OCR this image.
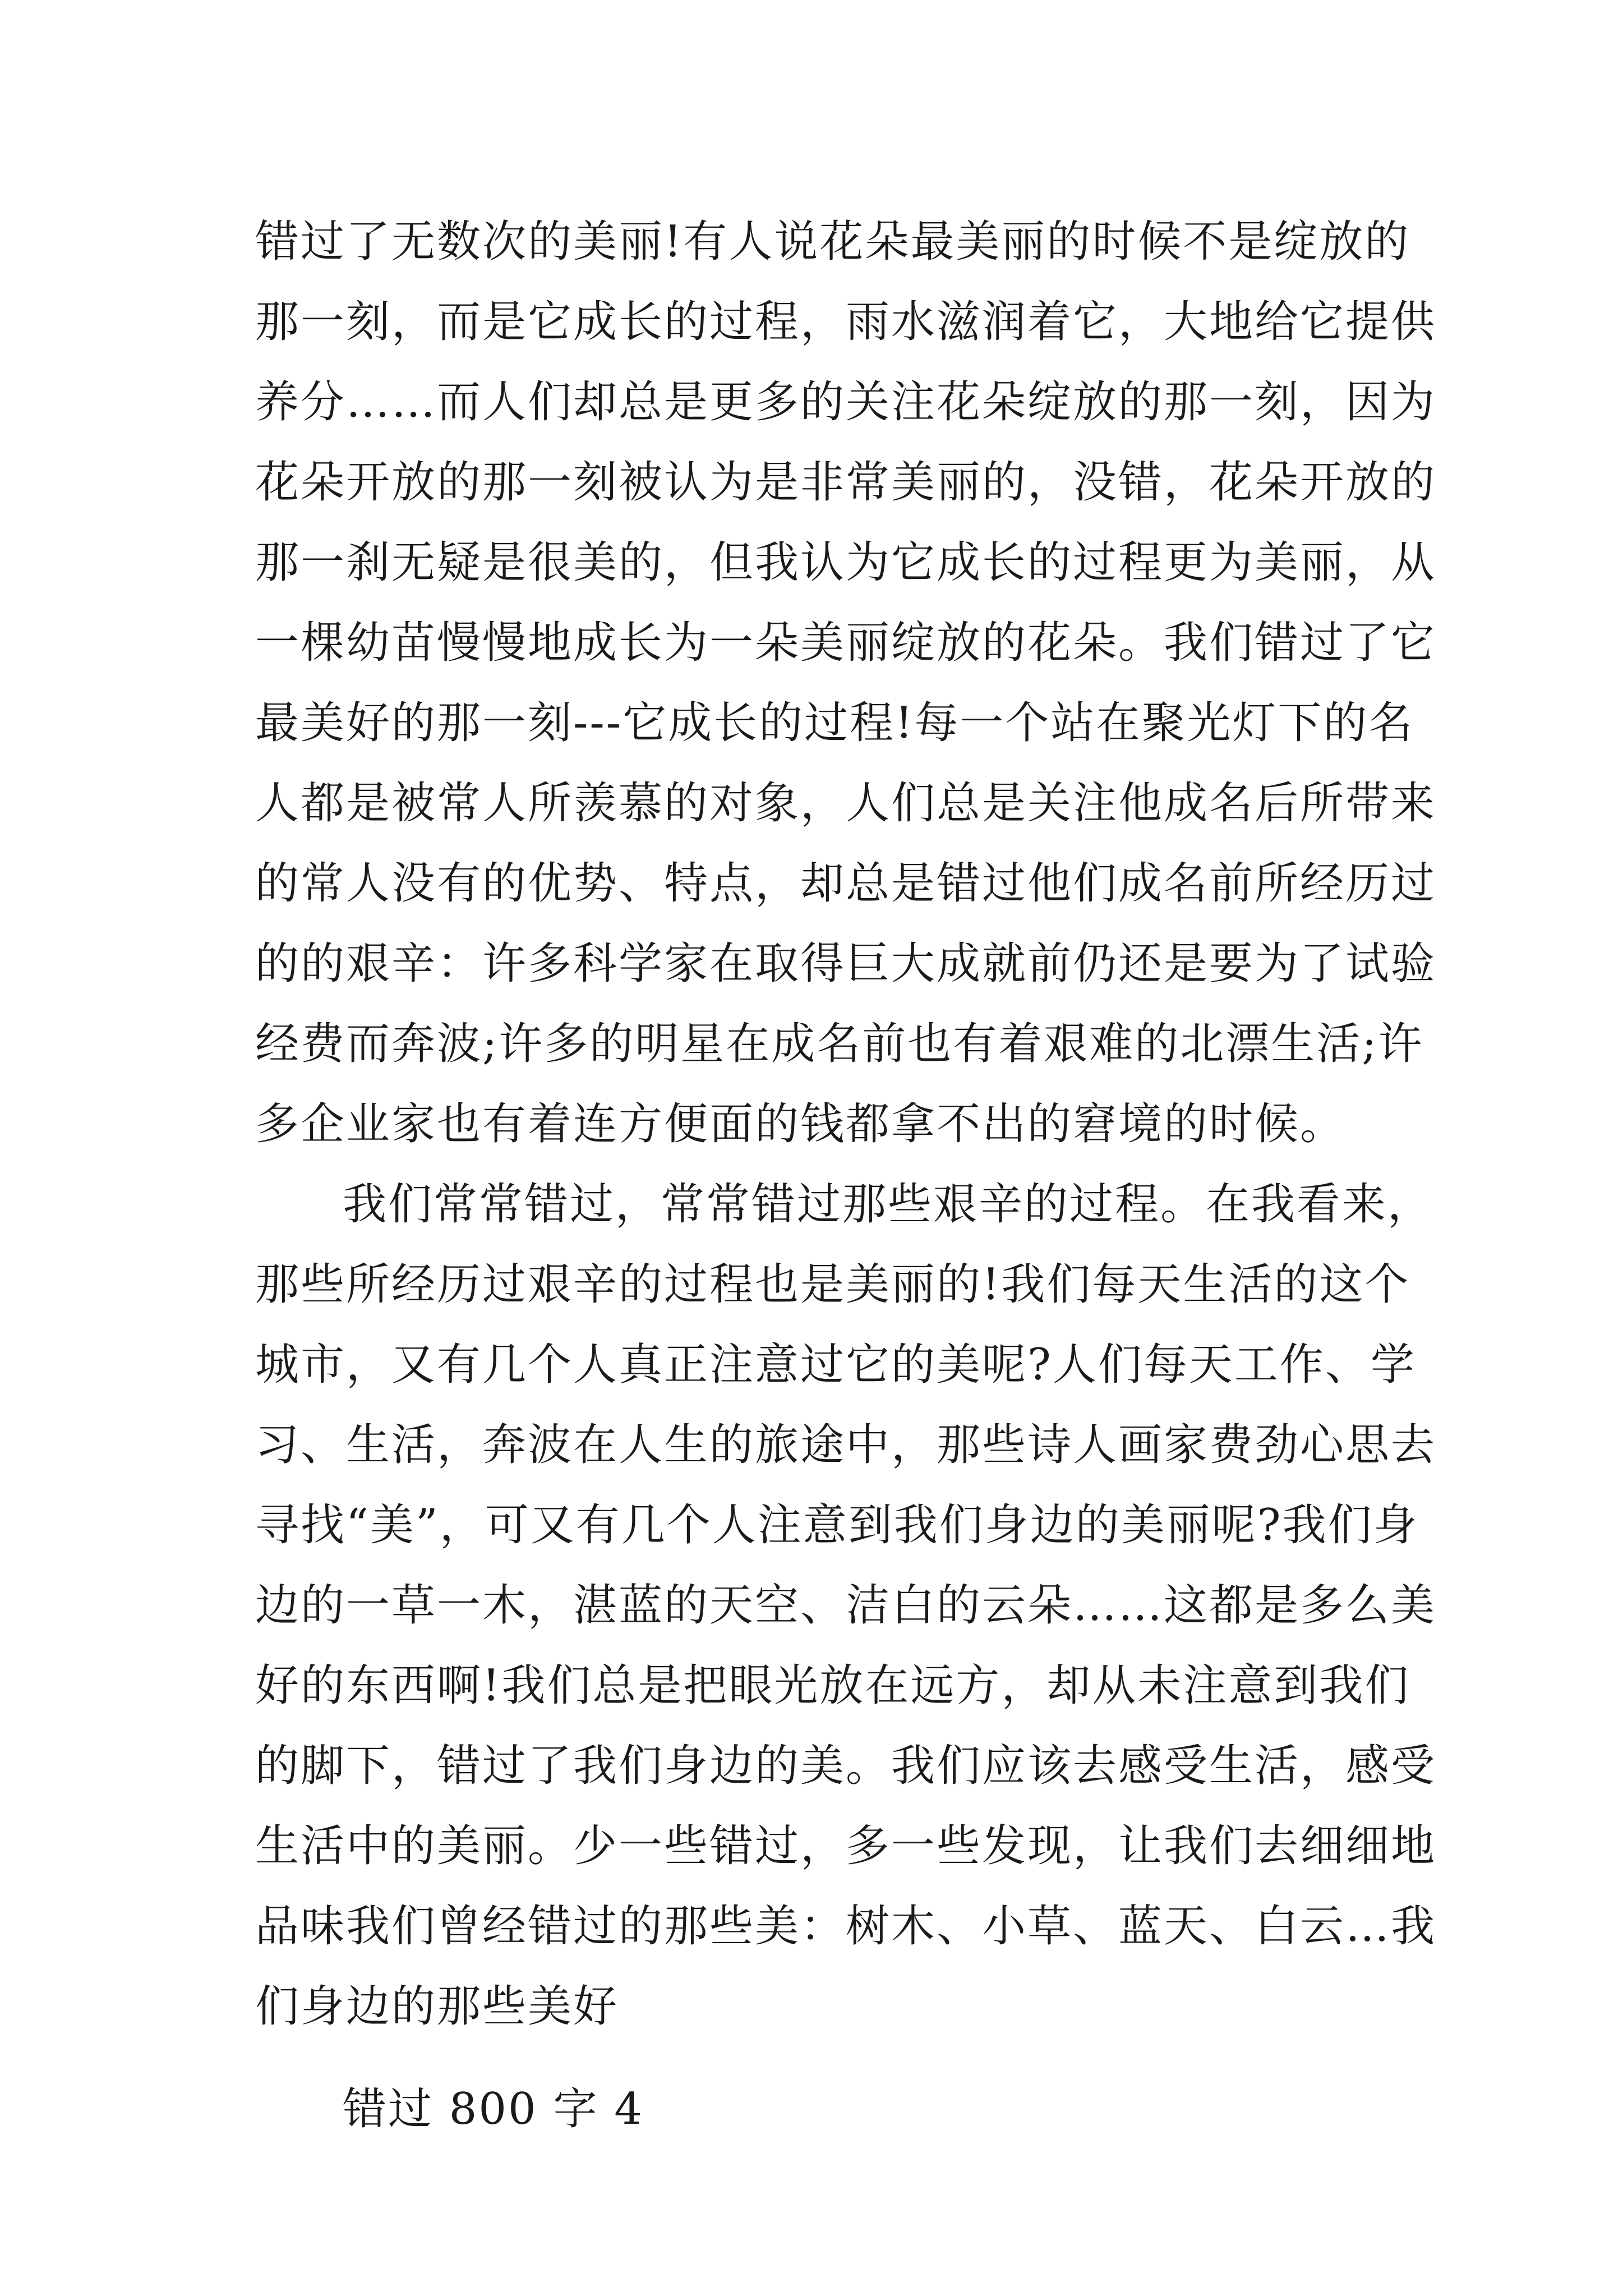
错过了无数次的美丽!有人说花朵最美丽的时候不是绽放的
那一刻，而是它成长的过程，雨水滋润着它，大地给它提供
养分……而人们却总是更多的关注花朵绽放的那一刻，因为
花朵开放的那一刻被认为是非常美丽的，没错，花朵开放的
那一刹无疑是很美的，但我认为它成长的过程更为美丽，从
一棵幼苗慢慢地成长为一朵美丽绽放的花朵。我们错过了它
最美好的那一刻---它成长的过程!每一个站在聚光灯下的名
人都是被常人所羡慕的对象，人们总是关注他成名后所带来
的常人没有的优势、特点，却总是错过他们成名前所经历过
的的艰辛：许多科学家在取得巨大成就前仍还是要为了试验
经费而奔波;许多的明星在成名前也有着艰难的北漂生活;许
多企业家也有着连方便面的钱都拿不出的窘境的时候。
我们常常错过，常常错过那些艰辛的过程。在我看来，
那些所经历过艰辛的过程也是美丽的!我们每天生活的这个
城市，又有几个人真正注意过它的美呢?人们每天工作、学
习、生活，奔波在人生的旅途中，那些诗人画家费劲心思去
寻找“美”，可又有几个人注意到我们身边的美丽呢?我们身
边的一草一木，湛蓝的天空、洁白的云朵……这都是多么美
好的东西啊!我们总是把眼光放在远方，却从未注意到我们
的脚下，错过了我们身边的美。我们应该去感受生活，感受
生活中的美丽。少一些错过，多一些发现，让我们去细细地
品味我们曾经错过的那些美：树木、小草、蓝天、白云…我
们身边的那些美好
错过 800 字 4
